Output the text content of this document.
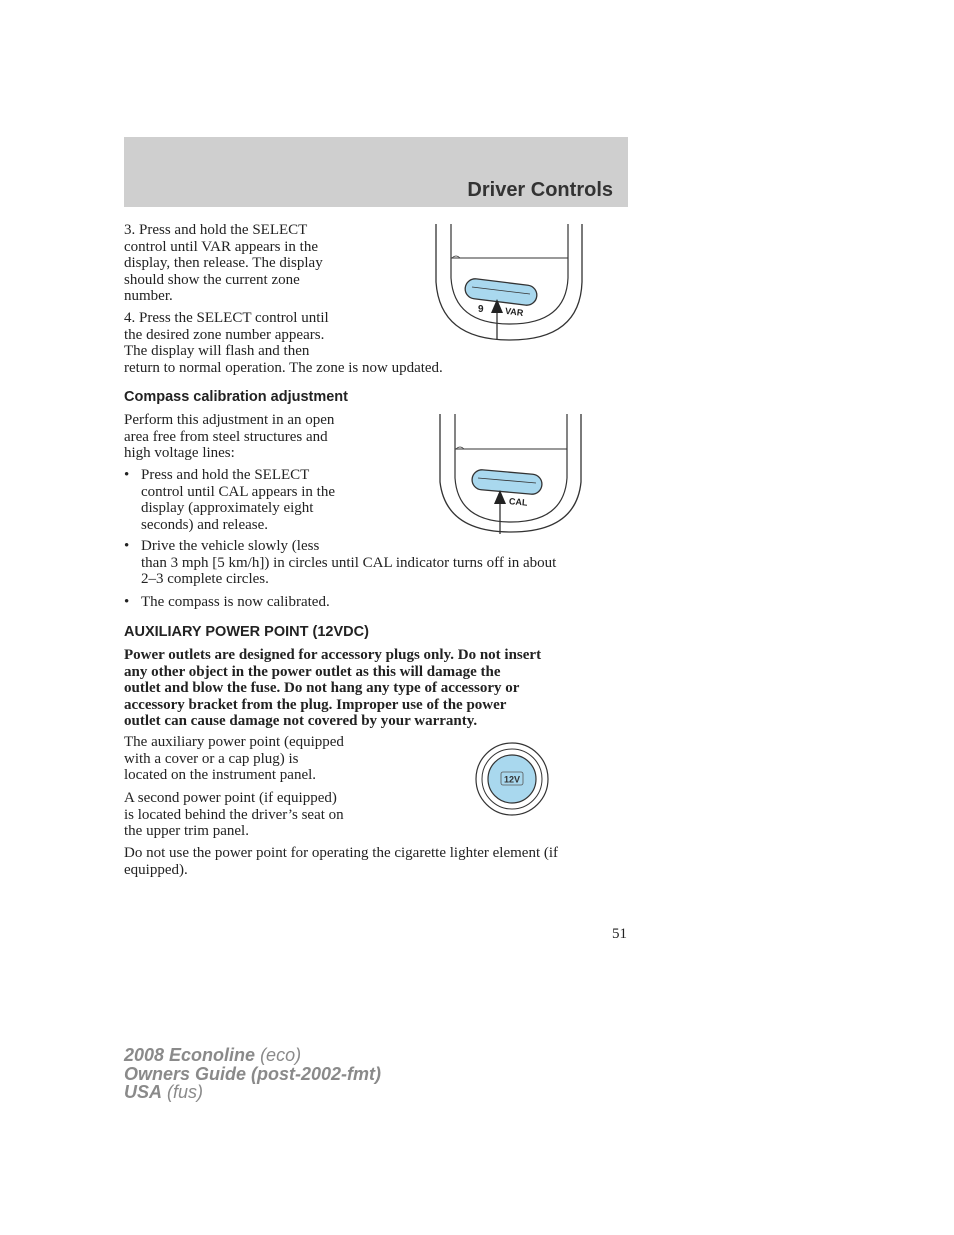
Driver Controls

3. Press and hold the SELECT
control until VAR appears in the
display, then release. The display
should show the current zone
number.

4. Press the SELECT control until
the desired zone number appears.
The display will flash and then
return to normal operation. The zone is now updated.

9 VAR
Compass calibration adjustment

Perform this adjustment in an open
area free from steel structures and
high voltage lines:

• Press and hold the SELECT
control until CAL appears in the
display (approximately eight
seconds) and release.
• Drive the vehicle slowly (less
than 3 mph [5 km/h]) in circles until CAL indicator turns off in about
2–3 complete circles.
• The compass is now calibrated.
CAL
AUXILIARY POWER POINT (12VDC)

Power outlets are designed for accessory plugs only. Do not insert
any other object in the power outlet as this will damage the
outlet and blow the fuse. Do not hang any type of accessory or
accessory bracket from the plug. Improper use of the power
outlet can cause damage not covered by your warranty.

The auxiliary power point (equipped
with a cover or a cap plug) is
located on the instrument panel.

A second power point (if equipped)
is located behind the driver’s seat on
the upper trim panel.

Do not use the power point for operating the cigarette lighter element (if
equipped).

12V
51
2008 Econoline (eco)
Owners Guide (post-2002-fmt)
USA (fus)
